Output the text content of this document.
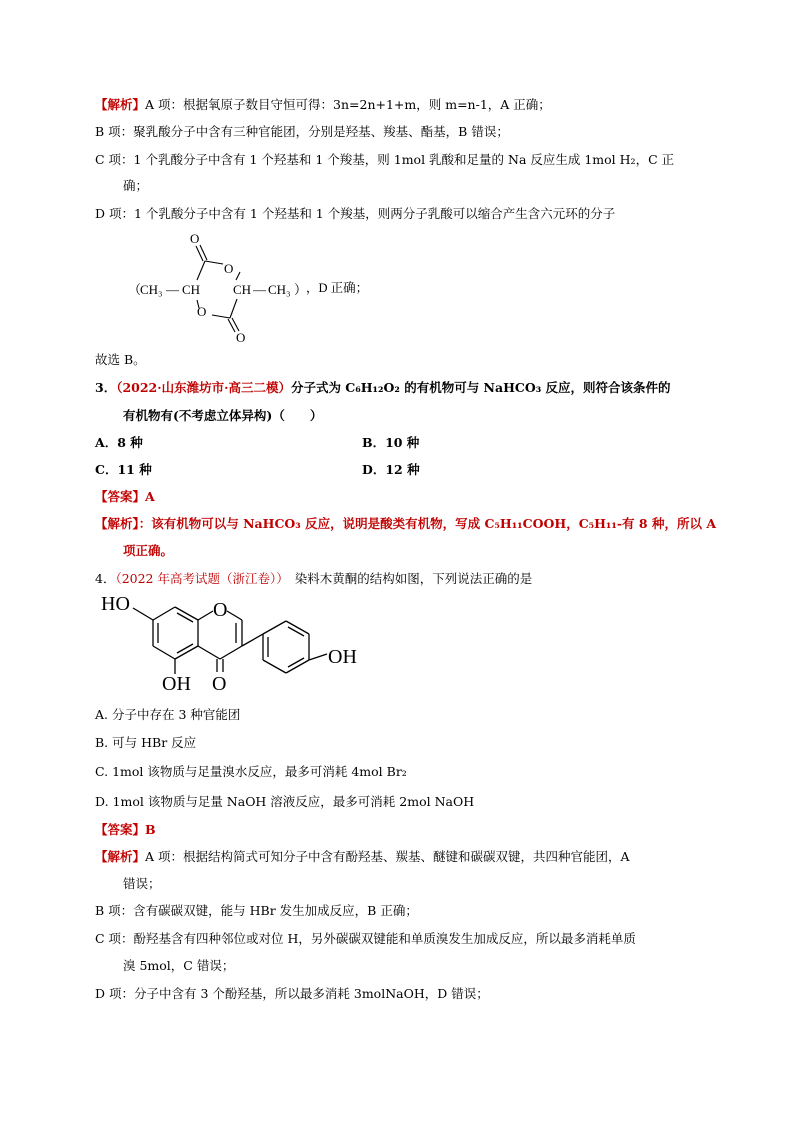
【解析】A 项：根据氧原子数目守恒可得：3n=2n+1+m，则 m=n-1，A 正确；
B 项：聚乳酸分子中含有三种官能团，分别是羟基、羧基、酯基，B 错误；
C 项：1 个乳酸分子中含有 1 个羟基和 1 个羧基，则 1mol 乳酸和足量的 Na 反应生成 1mol H₂，C 正
确；
D 项：1 个乳酸分子中含有 1 个羟基和 1 个羧基，则两分子乳酸可以缩合产生含六元环的分子
（
CH₃ — CH	CH — CH₃ ）
，D 正确；
O
O
O
O
故选 B。
3．（2022·山东潍坊市·高三二模）分子式为 C₆H₁₂O₂ 的有机物可与 NaHCO₃ 反应，则符合该条件的
有机物有(不考虑立体异构)（　　）
A．8 种	B．10 种
C．11 种	D．12 种
【答案】A
【解析】：该有机物可以与 NaHCO₃ 反应，说明是酸类有机物，写成 C₅H₁₁COOH，C₅H₁₁-有 8 种，所以 A
项正确。
4．（2022 年高考试题（浙江卷）） 染料木黄酮的结构如图，下列说法正确的是
HO	O
OH
OH O
A. 分子中存在 3 种官能团
B. 可与 HBr 反应
C. 1mol 该物质与足量溴水反应，最多可消耗 4mol Br₂
D. 1mol 该物质与足量 NaOH 溶液反应，最多可消耗 2mol NaOH
【答案】B
【解析】A 项：根据结构简式可知分子中含有酚羟基、羰基、醚键和碳碳双键，共四种官能团，A
错误；
B 项：含有碳碳双键，能与 HBr 发生加成反应，B 正确；
C 项：酚羟基含有四种邻位或对位 H，另外碳碳双键能和单质溴发生加成反应，所以最多消耗单质
溴 5mol，C 错误；
D 项：分子中含有 3 个酚羟基，所以最多消耗 3molNaOH，D 错误；
